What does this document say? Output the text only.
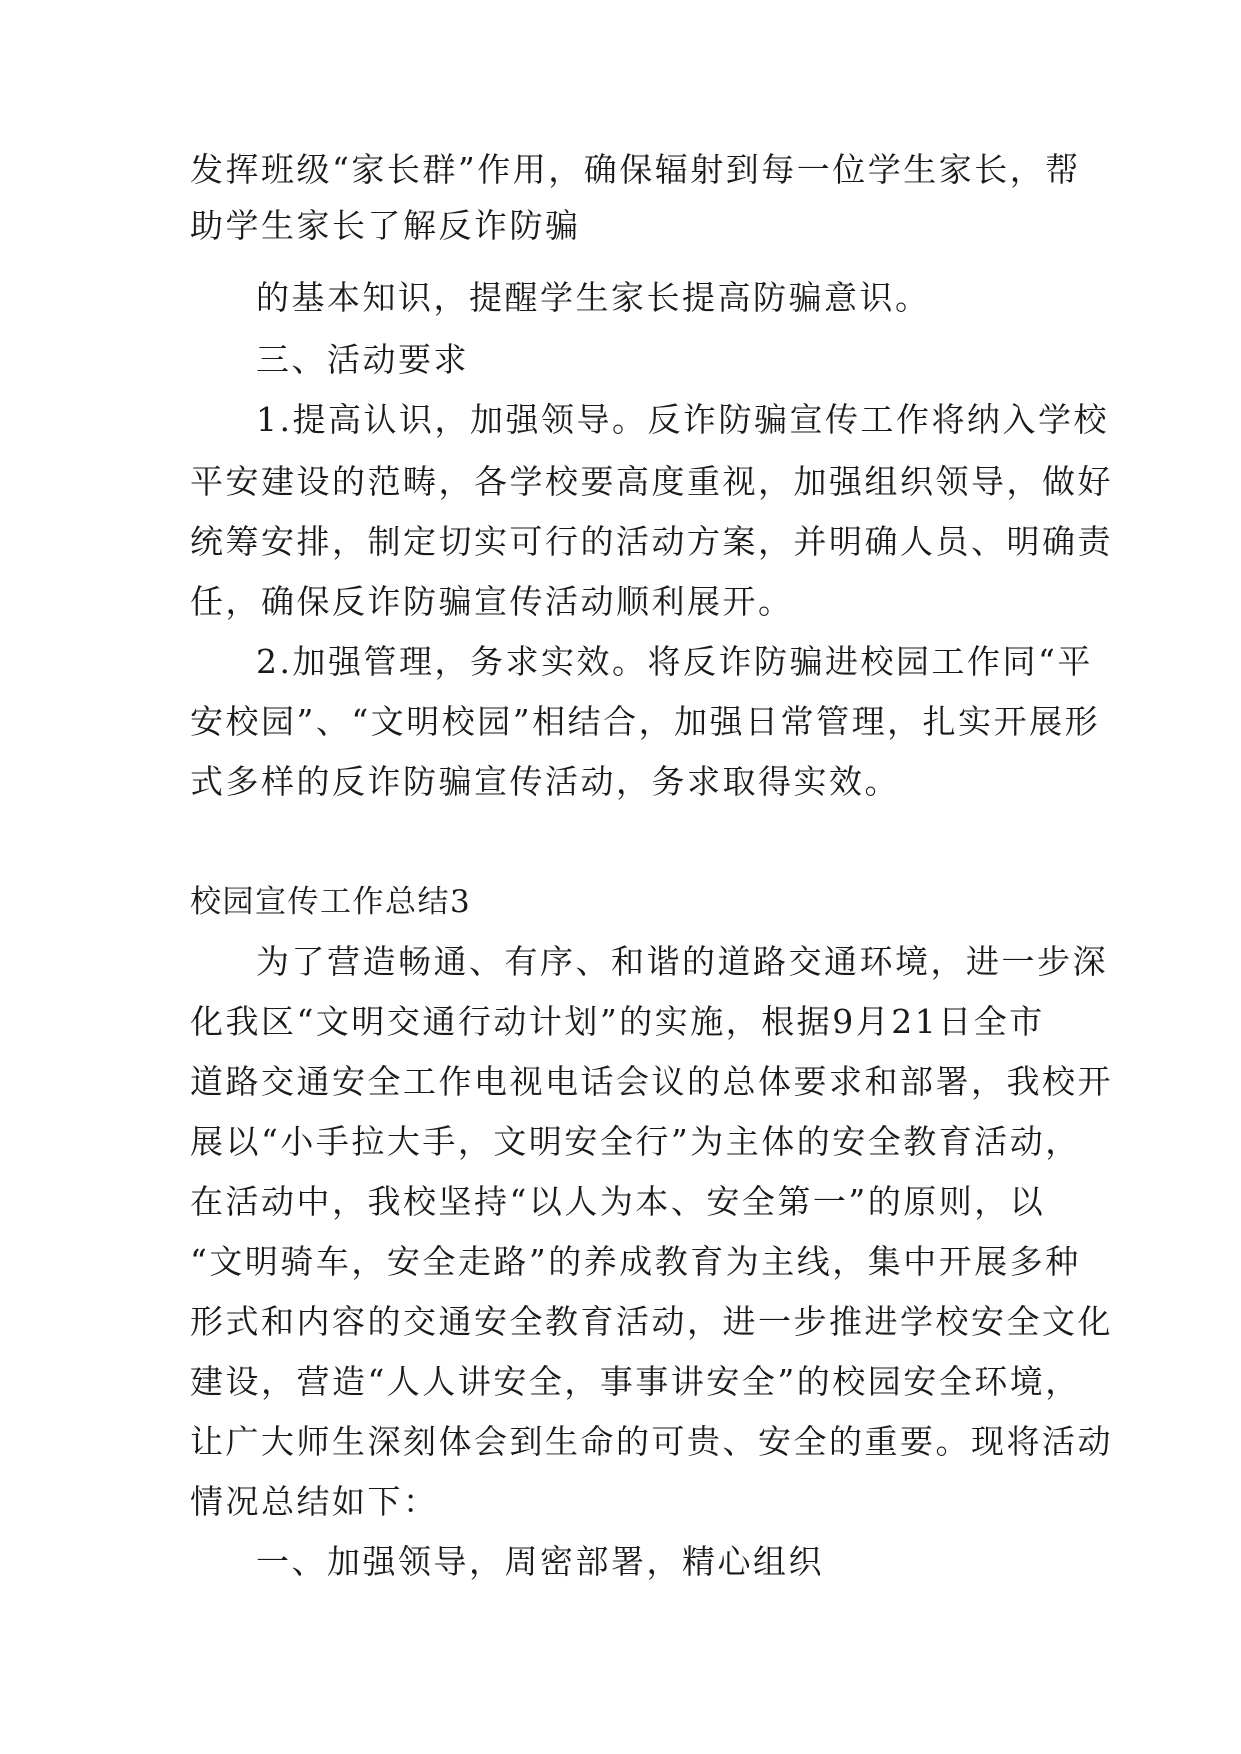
发挥班级“家长群”作用，确保辐射到每一位学生家长，帮
助学生家长了解反诈防骗
的基本知识，提醒学生家长提高防骗意识。
三、活动要求
1.提高认识，加强领导。反诈防骗宣传工作将纳入学校
平安建设的范畴，各学校要高度重视，加强组织领导，做好
统筹安排，制定切实可行的活动方案，并明确人员、明确责
任，确保反诈防骗宣传活动顺利展开。
2.加强管理，务求实效。将反诈防骗进校园工作同“平
安校园”、“文明校园”相结合，加强日常管理，扎实开展形
式多样的反诈防骗宣传活动，务求取得实效。
校园宣传工作总结3
为了营造畅通、有序、和谐的道路交通环境，进一步深
化我区“文明交通行动计划”的实施，根据9月21日全市
道路交通安全工作电视电话会议的总体要求和部署，我校开
展以“小手拉大手，文明安全行”为主体的安全教育活动，
在活动中，我校坚持“以人为本、安全第一”的原则，以
“文明骑车，安全走路”的养成教育为主线，集中开展多种
形式和内容的交通安全教育活动，进一步推进学校安全文化
建设，营造“人人讲安全，事事讲安全”的校园安全环境，
让广大师生深刻体会到生命的可贵、安全的重要。现将活动
情况总结如下：
一、加强领导，周密部署，精心组织
